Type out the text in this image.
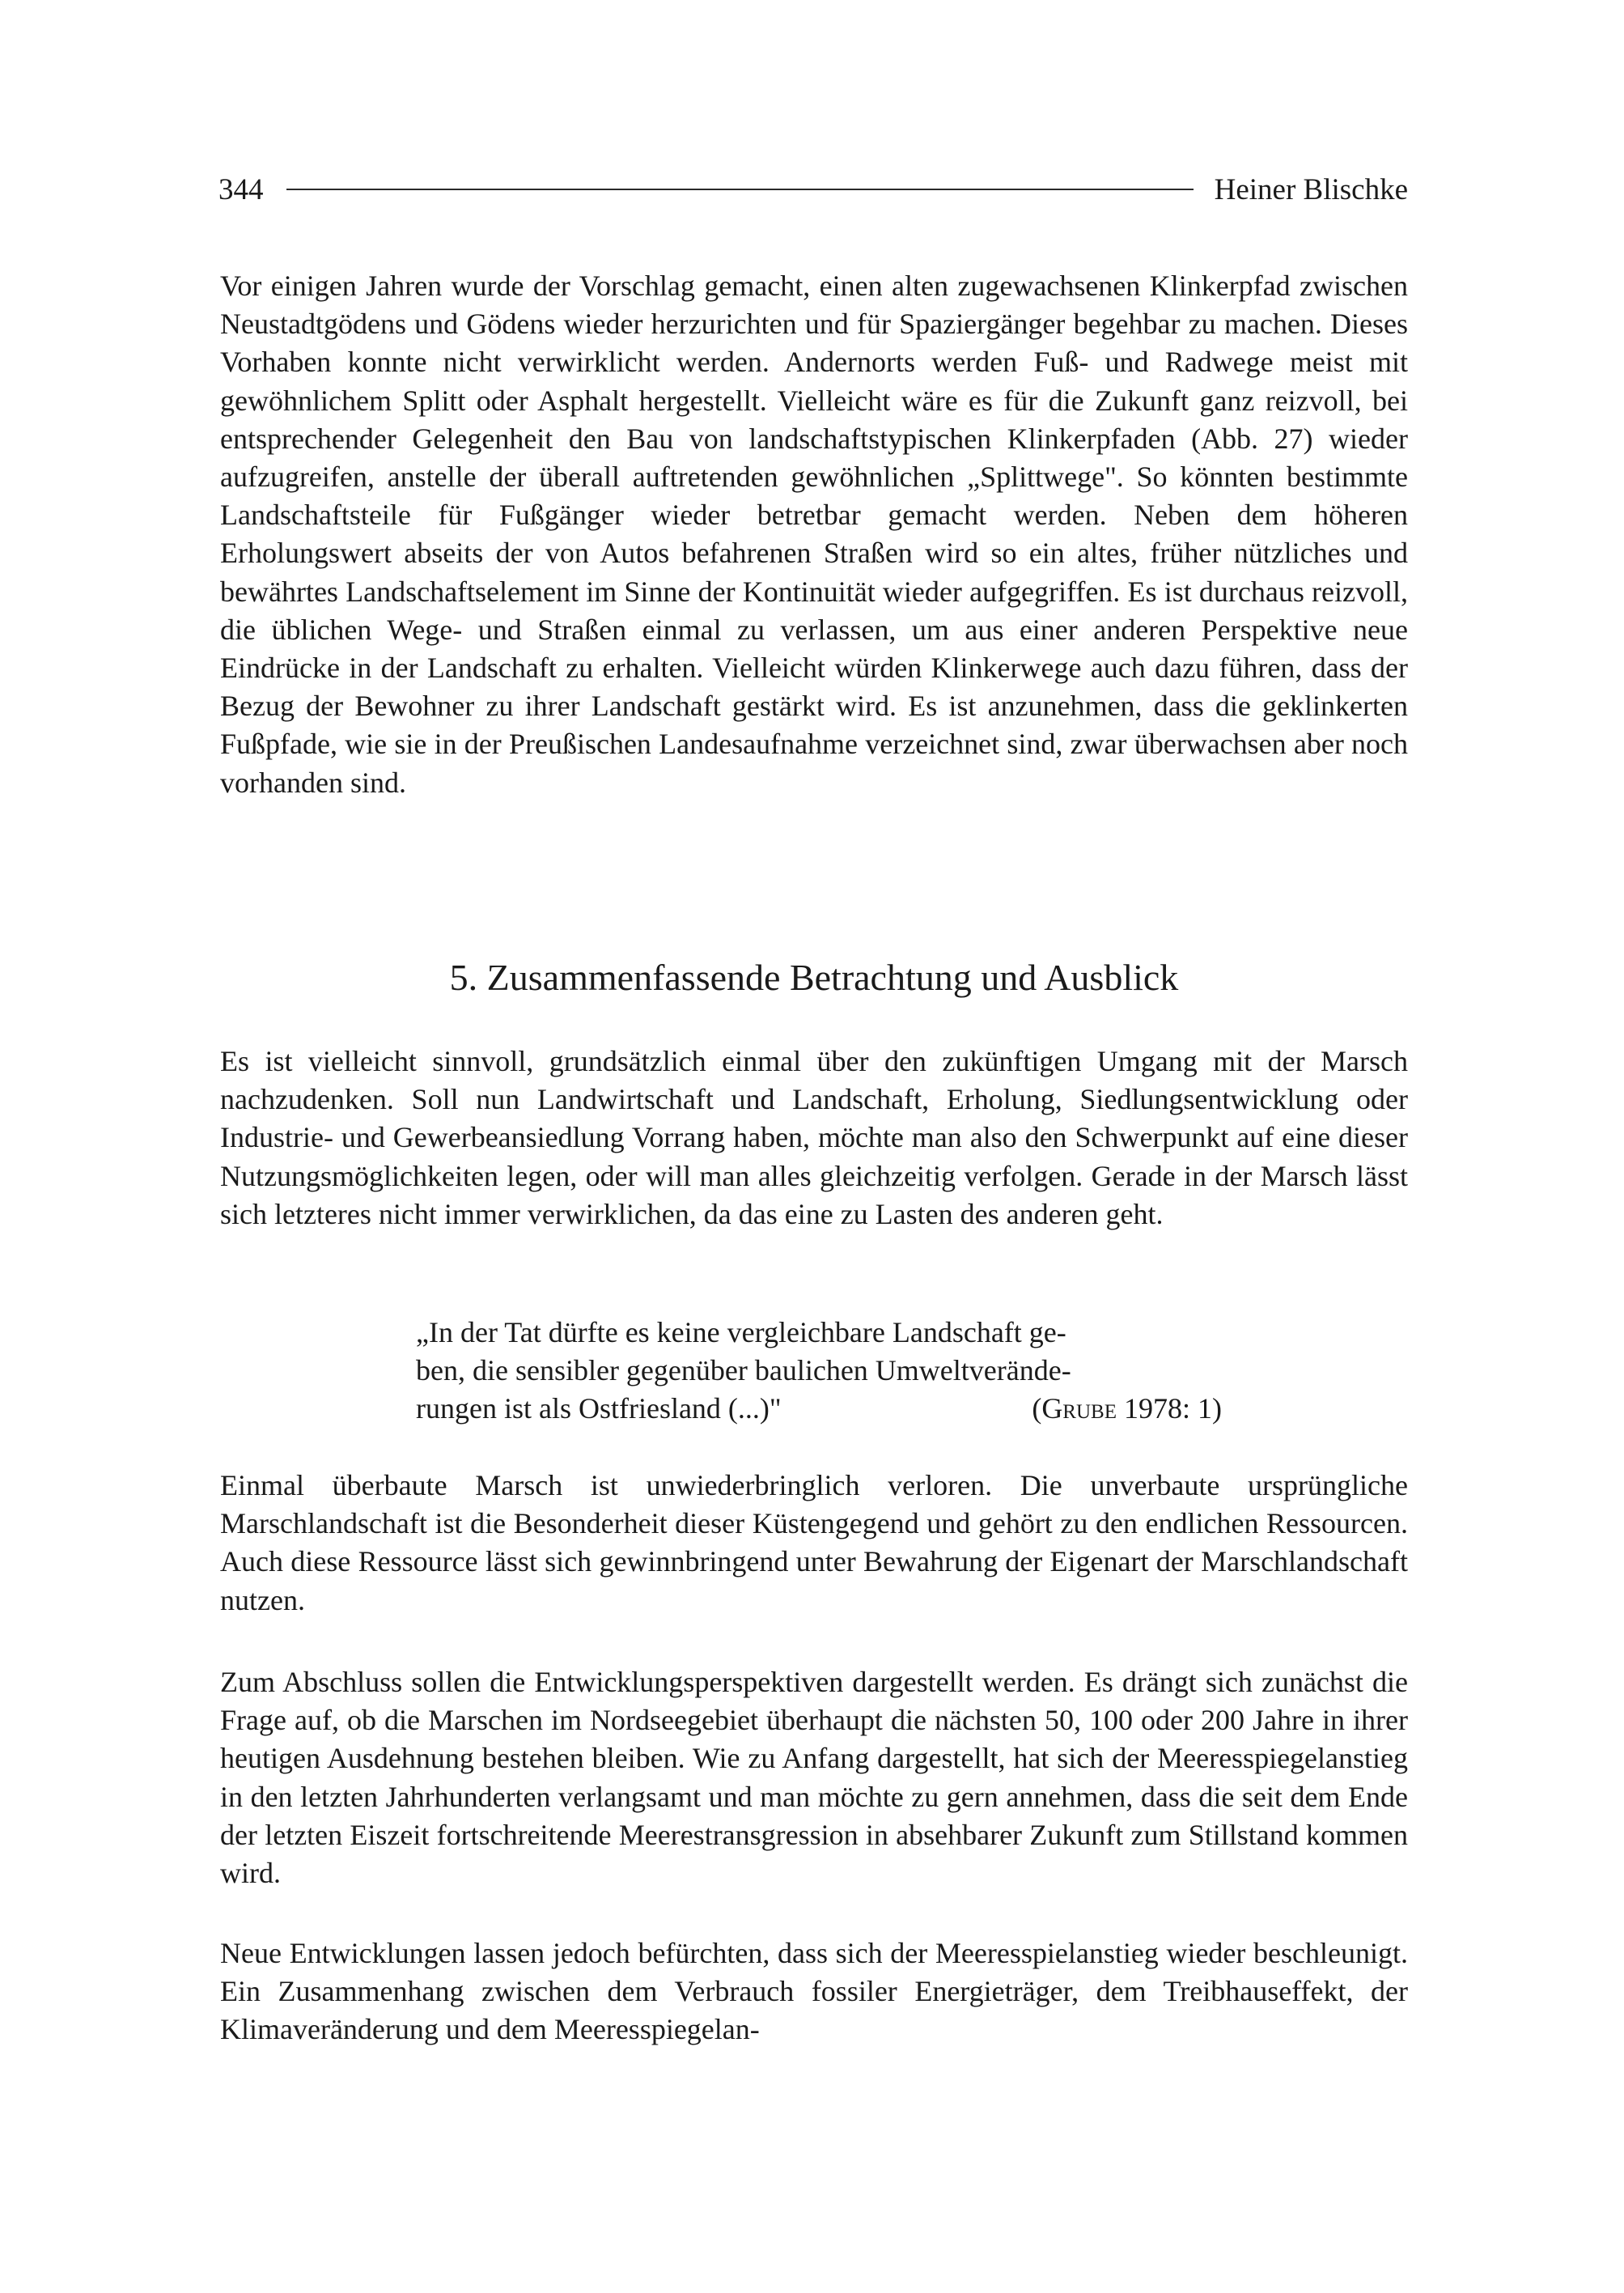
344	Heiner Blischke

Vor einigen Jahren wurde der Vorschlag gemacht, einen alten zugewachsenen Klinkerpfad zwischen Neustadtgödens und Gödens wieder herzurichten und für Spaziergänger begehbar zu machen. Dieses Vorhaben konnte nicht verwirklicht werden. Andernorts werden Fuß- und Radwege meist mit gewöhnlichem Splitt oder Asphalt hergestellt. Vielleicht wäre es für die Zukunft ganz reizvoll, bei entsprechender Gelegenheit den Bau von landschaftstypischen Klinkerpfaden (Abb. 27) wieder aufzugreifen, anstelle der überall auftretenden gewöhnlichen „Splittwege". So könnten bestimmte Landschaftsteile für Fußgänger wieder betretbar gemacht werden. Neben dem höheren Erholungswert abseits der von Autos befahrenen Straßen wird so ein altes, früher nützliches und bewährtes Landschaftselement im Sinne der Kontinuität wieder aufgegriffen. Es ist durchaus reizvoll, die üblichen Wege- und Straßen einmal zu verlassen, um aus einer anderen Perspektive neue Eindrücke in der Landschaft zu erhalten. Vielleicht würden Klinkerwege auch dazu führen, dass der Bezug der Bewohner zu ihrer Landschaft gestärkt wird. Es ist anzunehmen, dass die geklinkerten Fußpfade, wie sie in der Preußischen Landesaufnahme verzeichnet sind, zwar überwachsen aber noch vorhanden sind.

5. Zusammenfassende Betrachtung und Ausblick

Es ist vielleicht sinnvoll, grundsätzlich einmal über den zukünftigen Umgang mit der Marsch nachzudenken. Soll nun Landwirtschaft und Landschaft, Erholung, Siedlungsentwicklung oder Industrie- und Gewerbeansiedlung Vorrang haben, möchte man also den Schwerpunkt auf eine dieser Nutzungsmöglichkeiten legen, oder will man alles gleichzeitig verfolgen. Gerade in der Marsch lässt sich letzteres nicht immer verwirklichen, da das eine zu Lasten des anderen geht.

„In der Tat dürfte es keine vergleichbare Landschaft ge-
ben, die sensibler gegenüber baulichen Umweltverände-
rungen ist als Ostfriesland (...)"	(Grube 1978: 1)

Einmal überbaute Marsch ist unwiederbringlich verloren. Die unverbaute ursprüngliche Marschlandschaft ist die Besonderheit dieser Küstengegend und gehört zu den endlichen Ressourcen. Auch diese Ressource lässt sich gewinnbringend unter Bewahrung der Eigenart der Marschlandschaft nutzen.

Zum Abschluss sollen die Entwicklungsperspektiven dargestellt werden. Es drängt sich zunächst die Frage auf, ob die Marschen im Nordseegebiet überhaupt die nächsten 50, 100 oder 200 Jahre in ihrer heutigen Ausdehnung bestehen bleiben. Wie zu Anfang dargestellt, hat sich der Meeresspiegelanstieg in den letzten Jahrhunderten verlangsamt und man möchte zu gern annehmen, dass die seit dem Ende der letzten Eiszeit fortschreitende Meerestransgression in absehbarer Zukunft zum Stillstand kommen wird.

Neue Entwicklungen lassen jedoch befürchten, dass sich der Meeresspielanstieg wieder beschleunigt. Ein Zusammenhang zwischen dem Verbrauch fossiler Energieträger, dem Treibhauseffekt, der Klimaveränderung und dem Meeresspiegelan-
